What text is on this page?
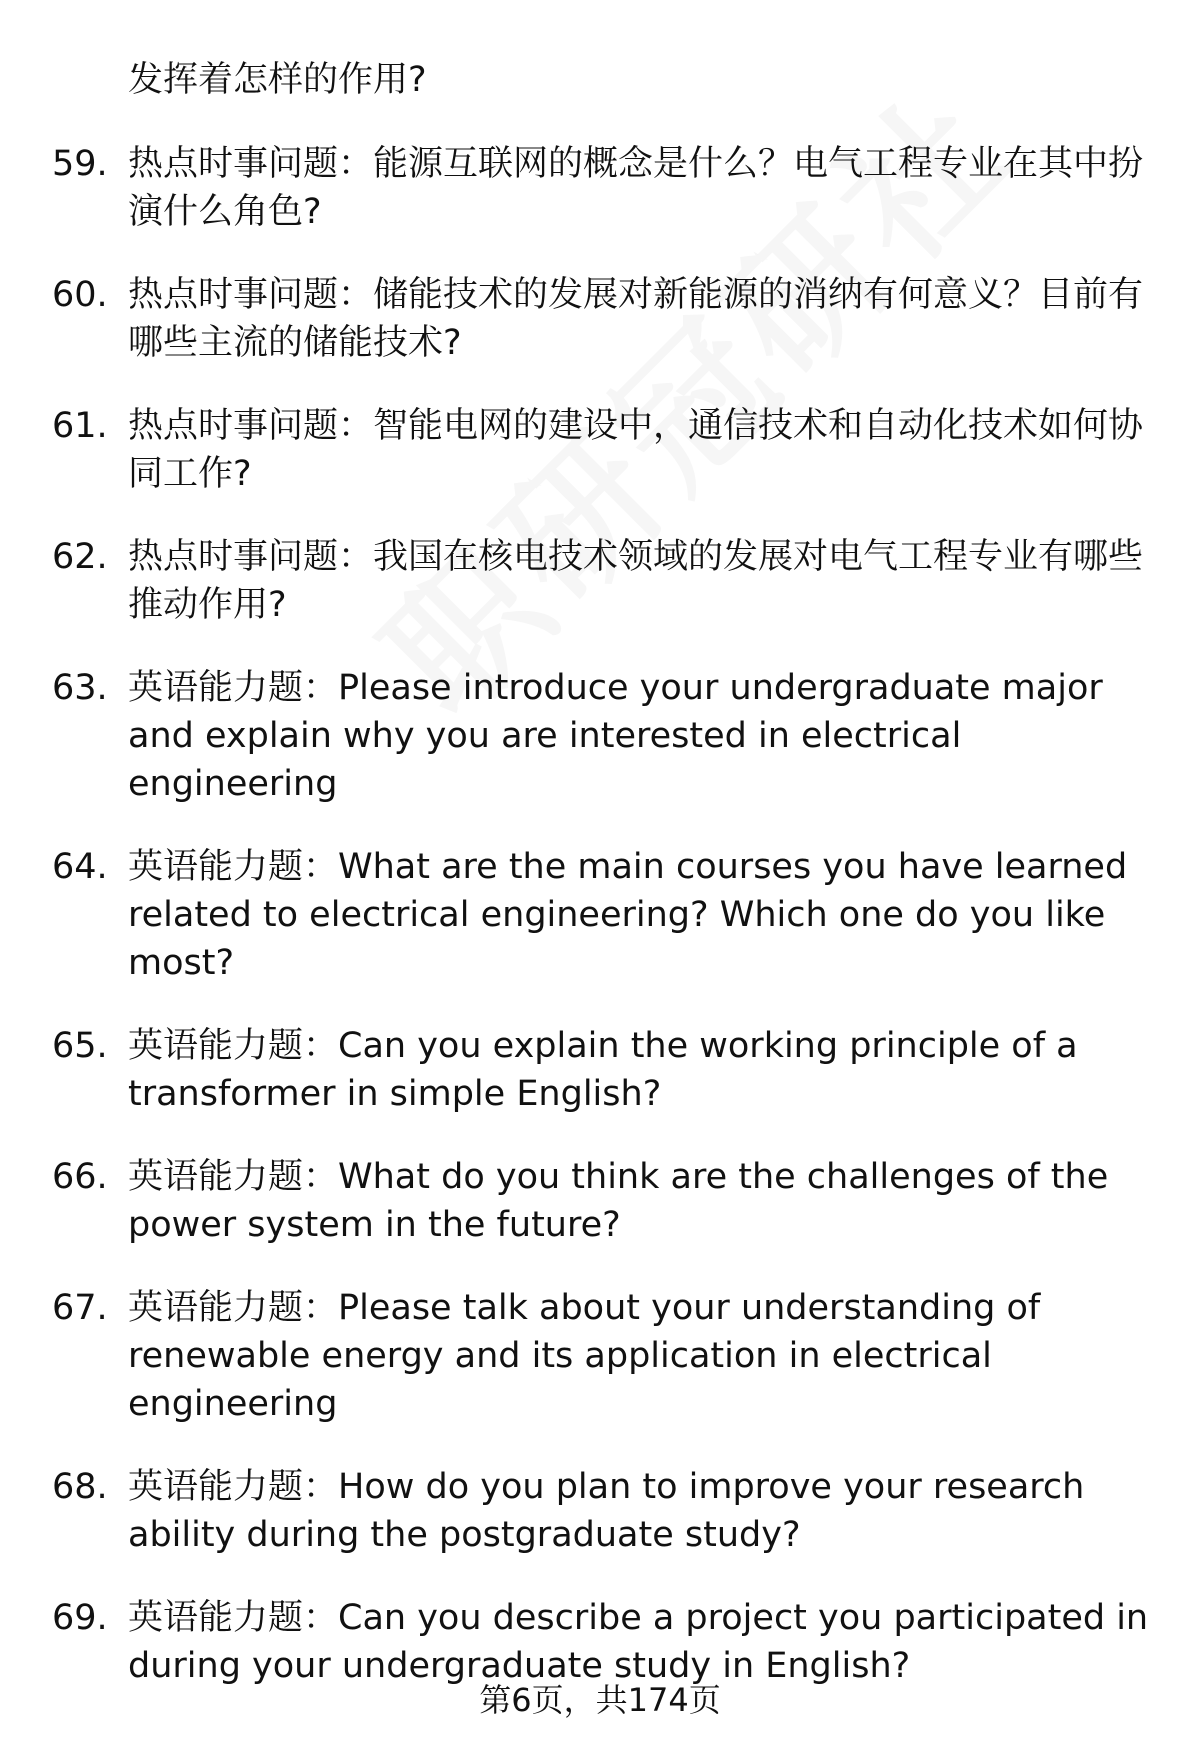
发挥着怎样的作用?
59. 热点时事问题：能源互联网的概念是什么？电气工程专业在其中扮演什么角色?
60. 热点时事问题：储能技术的发展对新能源的消纳有何意义？目前有哪些主流的储能技术?
61. 热点时事问题：智能电网的建设中，通信技术和自动化技术如何协同工作?
62. 热点时事问题：我国在核电技术领域的发展对电气工程专业有哪些推动作用?
63. 英语能力题：Please introduce your undergraduate major and explain why you are interested in electrical engineering
64. 英语能力题：What are the main courses you have learned related to electrical engineering? Which one do you like most?
65. 英语能力题：Can you explain the working principle of a transformer in simple English?
66. 英语能力题：What do you think are the challenges of the power system in the future?
67. 英语能力题：Please talk about your understanding of renewable energy and its application in electrical engineering
68. 英语能力题：How do you plan to improve your research ability during the postgraduate study?
69. 英语能力题：Can you describe a project you participated in during your undergraduate study in English?
第6页，共174页
